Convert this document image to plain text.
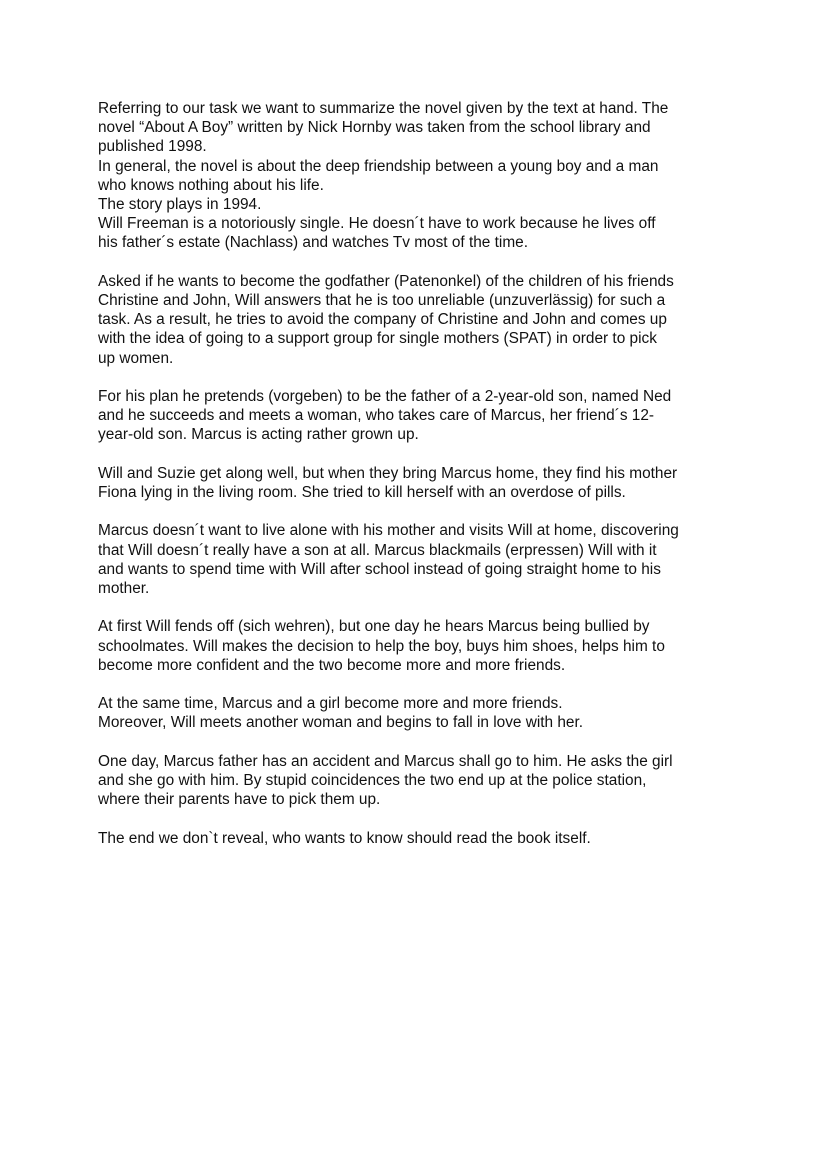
Referring to our task we want to summarize the novel given by the text at hand. The
novel “About A Boy” written by Nick Hornby was taken from the school library and
published 1998.
In general, the novel is about the deep friendship between a young boy and a man
who knows nothing about his life.
The story plays in 1994.
Will Freeman is a notoriously single. He doesn´t have to work because he lives off
his father´s estate (Nachlass) and watches Tv most of the time.
Asked if he wants to become the godfather (Patenonkel) of the children of his friends
Christine and John, Will answers that he is too unreliable (unzuverlässig) for such a
task. As a result, he tries to avoid the company of Christine and John and comes up
with the idea of going to a support group for single mothers (SPAT) in order to pick
up women.
For his plan he pretends (vorgeben) to be the father of a 2-year-old son, named Ned
and he succeeds and meets a woman, who takes care of Marcus, her friend´s 12-
year-old son. Marcus is acting rather grown up.
Will and Suzie get along well, but when they bring Marcus home, they find his mother
Fiona lying in the living room. She tried to kill herself with an overdose of pills.
Marcus doesn´t want to live alone with his mother and visits Will at home, discovering
that Will doesn´t really have a son at all. Marcus blackmails (erpressen) Will with it
and wants to spend time with Will after school instead of going straight home to his
mother.
At first Will fends off (sich wehren), but one day he hears Marcus being bullied by
schoolmates. Will makes the decision to help the boy, buys him shoes, helps him to
become more confident and the two become more and more friends.
At the same time, Marcus and a girl become more and more friends.
Moreover, Will meets another woman and begins to fall in love with her.
One day, Marcus father has an accident and Marcus shall go to him. He asks the girl
and she go with him. By stupid coincidences the two end up at the police station,
where their parents have to pick them up.
The end we don`t reveal, who wants to know should read the book itself.
